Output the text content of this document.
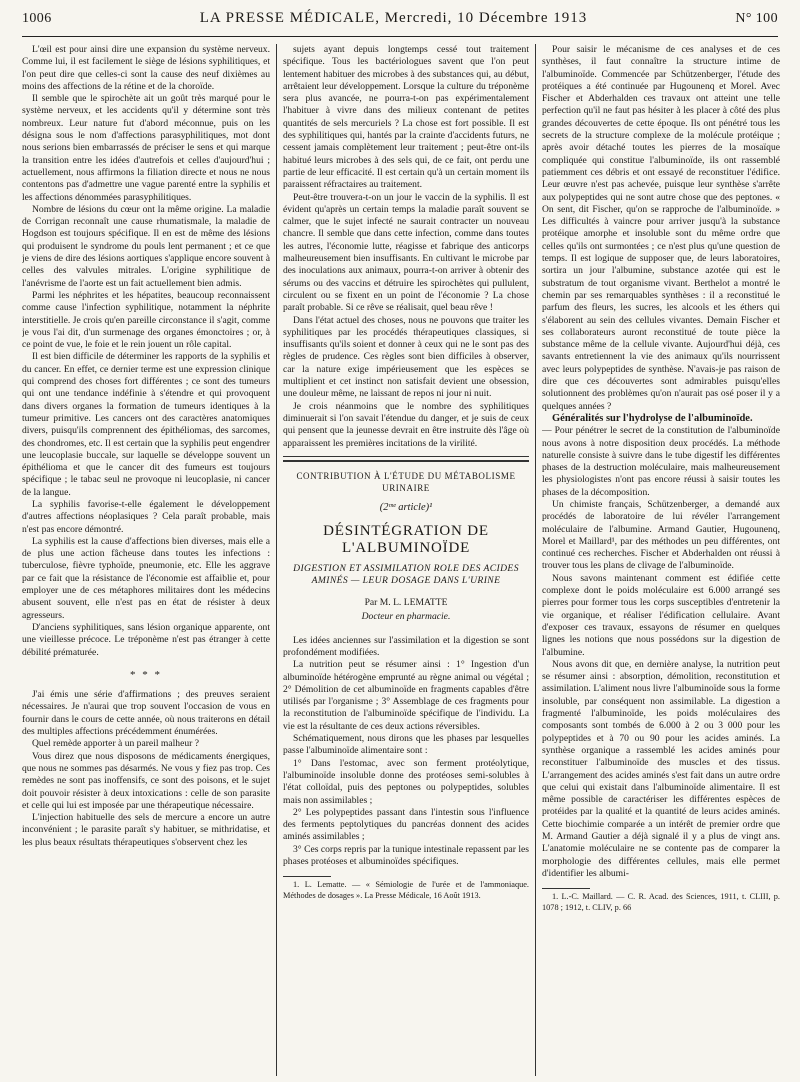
1006	LA PRESSE MÉDICALE, Mercredi, 10 Décembre 1913	N° 100

L'œil est pour ainsi dire une expansion du système nerveux. Comme lui, il est facilement le siège de lésions syphilitiques, et l'on peut dire que celles-ci sont la cause des neuf dixièmes au moins des affections de la rétine et de la choroïde.

Il semble que le spirochète ait un goût très marqué pour le système nerveux, et les accidents qu'il y détermine sont très nombreux. Leur nature fut d'abord méconnue, puis on les désigna sous le nom d'affections parasyphilitiques, mot dont nous serions bien embarrassés de préciser le sens et qui marque la transition entre les idées d'autrefois et celles d'aujourd'hui ; actuellement, nous affirmons la filiation directe et nous ne nous contentons pas d'admettre une vague parenté entre la syphilis et les affections dénommées parasyphilitiques.

Nombre de lésions du cœur ont la même origine. La maladie de Corrigan reconnaît une cause rhumatismale, la maladie de Hogdson est toujours spécifique. Il en est de même des lésions qui produisent le syndrome du pouls lent permanent ; et ce que je viens de dire des lésions aortiques s'applique encore souvent à celles des valvules mitrales. L'origine syphilitique de l'anévrisme de l'aorte est un fait actuellement bien admis.

Parmi les néphrites et les hépatites, beaucoup reconnaissent comme cause l'infection syphilitique, notamment la néphrite interstitielle. Je crois qu'en pareille circonstance il s'agit, comme je vous l'ai dit, d'un surmenage des organes émonctoires ; or, à ce point de vue, le foie et le rein jouent un rôle capital.

Il est bien difficile de déterminer les rapports de la syphilis et du cancer. En effet, ce dernier terme est une expression clinique qui comprend des choses fort différentes ; ce sont des tumeurs qui ont une tendance indéfinie à s'étendre et qui provoquent dans divers organes la formation de tumeurs identiques à la tumeur primitive. Les cancers ont des caractères anatomiques divers, puisqu'ils comprennent des épithéliomas, des sarcomes, des chondromes, etc. Il est certain que la syphilis peut engendrer une leucoplasie buccale, sur laquelle se développe souvent un épithélioma et que le cancer dit des fumeurs est toujours spécifique ; le tabac seul ne provoque ni leucoplasie, ni cancer de la langue.

La syphilis favorise-t-elle également le développement d'autres affections néoplasiques ? Cela paraît probable, mais n'est pas encore démontré.

La syphilis est la cause d'affections bien diverses, mais elle a de plus une action fâcheuse dans toutes les infections : tuberculose, fièvre typhoïde, pneumonie, etc. Elle les aggrave par ce fait que la résistance de l'économie est affaiblie et, pour employer une de ces métaphores militaires dont les médecins abusent souvent, elle n'est pas en état de résister à deux agresseurs.

D'anciens syphilitiques, sans lésion organique apparente, ont une vieillesse précoce. Le tréponème n'est pas étranger à cette débilité prématurée.

* * *

J'ai émis une série d'affirmations ; des preuves seraient nécessaires. Je n'aurai que trop souvent l'occasion de vous en fournir dans le cours de cette année, où nous traiterons en détail des multiples affections précédemment énumérées.

Quel remède apporter à un pareil malheur ?

Vous direz que nous disposons de médicaments énergiques, que nous ne sommes pas désarmés. Ne vous y fiez pas trop. Ces remèdes ne sont pas inoffensifs, ce sont des poisons, et le sujet doit pouvoir résister à deux intoxications : celle de son parasite et celle qui lui est imposée par une thérapeutique nécessaire.

L'injection habituelle des sels de mercure a encore un autre inconvénient ; le parasite paraît s'y habituer, se mithridatise, et les plus beaux résultats thérapeutiques s'observent chez les

sujets ayant depuis longtemps cessé tout traitement spécifique. Tous les bactériologues savent que l'on peut lentement habituer des microbes à des substances qui, au début, arrêtaient leur développement. Lorsque la culture du tréponème sera plus avancée, ne pourra-t-on pas expérimentalement l'habituer à vivre dans des milieux contenant de petites quantités de sels mercuriels ? La chose est fort possible. Il est des syphilitiques qui, hantés par la crainte d'accidents futurs, ne cessent jamais complètement leur traitement ; peut-être ont-ils habitué leurs microbes à des sels qui, de ce fait, ont perdu une partie de leur efficacité. Il est certain qu'à un certain moment ils paraissent réfractaires au traitement.

Peut-être trouvera-t-on un jour le vaccin de la syphilis. Il est évident qu'après un certain temps la maladie paraît souvent se calmer, que le sujet infecté ne saurait contracter un nouveau chancre. Il semble que dans cette infection, comme dans toutes les autres, l'économie lutte, réagisse et fabrique des anticorps malheureusement bien insuffisants. En cultivant le microbe par des inoculations aux animaux, pourra-t-on arriver à obtenir des sérums ou des vaccins et détruire les spirochètes qui pullulent, circulent ou se fixent en un point de l'économie ? La chose paraît probable. Si ce rêve se réalisait, quel beau rêve !

Dans l'état actuel des choses, nous ne pouvons que traiter les syphilitiques par les procédés thérapeutiques classiques, si insuffisants qu'ils soient et donner à ceux qui ne le sont pas des règles de prudence. Ces règles sont bien difficiles à observer, car la nature exige impérieusement que les espèces se multiplient et cet instinct non satisfait devient une obsession, une douleur même, ne laissant de repos ni jour ni nuit.

Je crois néanmoins que le nombre des syphilitiques diminuerait si l'on savait l'étendue du danger, et je suis de ceux qui pensent que la jeunesse devrait en être instruite dès l'âge où apparaissent les premières incitations de la virilité.

CONTRIBUTION À L'ÉTUDE DU MÉTABOLISME URINAIRE
(2ᵐᵉ article)¹
DÉSINTÉGRATION DE L'ALBUMINOÏDE
DIGESTION ET ASSIMILATION ROLE DES ACIDES AMINÉS — LEUR DOSAGE DANS L'URINE
Par M. L. LEMATTE
Docteur en pharmacie.

Les idées anciennes sur l'assimilation et la digestion se sont profondément modifiées.

La nutrition peut se résumer ainsi : 1° Ingestion d'un albuminoïde hétérogène emprunté au règne animal ou végétal ; 2° Démolition de cet albuminoïde en fragments capables d'être utilisés par l'organisme ; 3° Assemblage de ces fragments pour la reconstitution de l'albuminoïde spécifique de l'individu. La vie est la résultante de ces deux actions réversibles.

Schématiquement, nous dirons que les phases par lesquelles passe l'albuminoïde alimentaire sont :

1° Dans l'estomac, avec son ferment protéolytique, l'albuminoïde insoluble donne des protéoses semi-solubles à l'état colloïdal, puis des peptones ou polypeptides, solubles mais non assimilables ;

2° Les polypeptides passant dans l'intestin sous l'influence des ferments peptolytiques du pancréas donnent des acides aminés assimilables ;

3° Ces corps repris par la tunique intestinale repassent par les phases protéoses et albuminoïdes spécifiques.

1. L. Lematte. — « Sémiologie de l'urée et de l'ammoniaque. Méthodes de dosages ». La Presse Médicale, 16 Août 1913.

Pour saisir le mécanisme de ces analyses et de ces synthèses, il faut connaître la structure intime de l'albuminoïde. Commencée par Schützenberger, l'étude des protéiques a été continuée par Hugounenq et Morel. Avec Fischer et Abderhalden ces travaux ont atteint une telle perfection qu'il ne faut pas hésiter à les placer à côté des plus grandes découvertes de cette époque. Ils ont pénétré tous les secrets de la structure complexe de la molécule protéique ; après avoir détaché toutes les pierres de la mosaïque compliquée qui constitue l'albuminoïde, ils ont rassemblé patiemment ces débris et ont essayé de reconstituer l'édifice. Leur œuvre n'est pas achevée, puisque leur synthèse s'arrête aux polypeptides qui ne sont autre chose que des peptones. « On sent, dit Fischer, qu'on se rapproche de l'albuminoïde. » Les difficultés à vaincre pour arriver jusqu'à la substance protéique amorphe et insoluble sont du même ordre que celles qu'ils ont surmontées ; ce n'est plus qu'une question de temps. Il est logique de supposer que, de leurs laboratoires, sortira un jour l'albumine, substance azotée qui est le substratum de tout organisme vivant. Berthelot a montré le chemin par ses remarquables synthèses : il a reconstitué le parfum des fleurs, les sucres, les alcools et les éthers qui s'élaborent au sein des cellules vivantes. Demain Fischer et ses collaborateurs auront reconstitué de toute pièce la substance même de la cellule vivante. Aujourd'hui déjà, ces savants entretiennent la vie des animaux qu'ils nourrissent avec leurs polypeptides de synthèse. N'avais-je pas raison de dire que ces découvertes sont admirables puisqu'elles solutionnent des problèmes qu'on n'aurait pas osé poser il y a quelques années ?

Généralités sur l'hydrolyse de l'albuminoïde.

— Pour pénétrer le secret de la constitution de l'albuminoïde nous avons à notre disposition deux procédés. La méthode naturelle consiste à suivre dans le tube digestif les différentes phases de la destruction moléculaire, mais malheureusement les physiologistes n'ont pas encore réussi à saisir toutes les phases de la décomposition.

Un chimiste français, Schützenberger, a demandé aux procédés de laboratoire de lui révéler l'arrangement moléculaire de l'albumine. Armand Gautier, Hugounenq, Morel et Maillard¹, par des méthodes un peu différentes, ont continué ces recherches. Fischer et Abderhalden ont réussi à trouver tous les plans de clivage de l'albuminoïde.

Nous savons maintenant comment est édifiée cette complexe dont le poids moléculaire est 6.000 arrangé ses pierres pour former tous les corps susceptibles d'entretenir la vie organique, et réaliser l'édification cellulaire. Avant d'exposer ces travaux, essayons de résumer en quelques lignes les notions que nous possédons sur la digestion de l'albumine.

Nous avons dit que, en dernière analyse, la nutrition peut se résumer ainsi : absorption, démolition, reconstitution et assimilation. L'aliment nous livre l'albuminoïde sous la forme insoluble, par conséquent non assimilable. La digestion a fragmenté l'albuminoïde, les poids moléculaires des composants sont tombés de 6.000 à 2 ou 3 000 pour les polypeptides et à 70 ou 90 pour les acides aminés. La synthèse organique a rassemblé les acides aminés pour reconstituer l'albuminoïde des muscles et des tissus. L'arrangement des acides aminés s'est fait dans un autre ordre que celui qui existait dans l'albuminoïde alimentaire. Il est même possible de caractériser les différentes espèces de protéides par la qualité et la quantité de leurs acides aminés. Cette biochimie comparée a un intérêt de premier ordre que M. Armand Gautier a déjà signalé il y a plus de vingt ans. L'anatomie moléculaire ne se contente pas de comparer la morphologie des différentes cellules, mais elle permet d'identifier les albumi-

1. L.-C. Maillard. — C. R. Acad. des Sciences, 1911, t. CLIII, p. 1078 ; 1912, t. CLIV, p. 66
